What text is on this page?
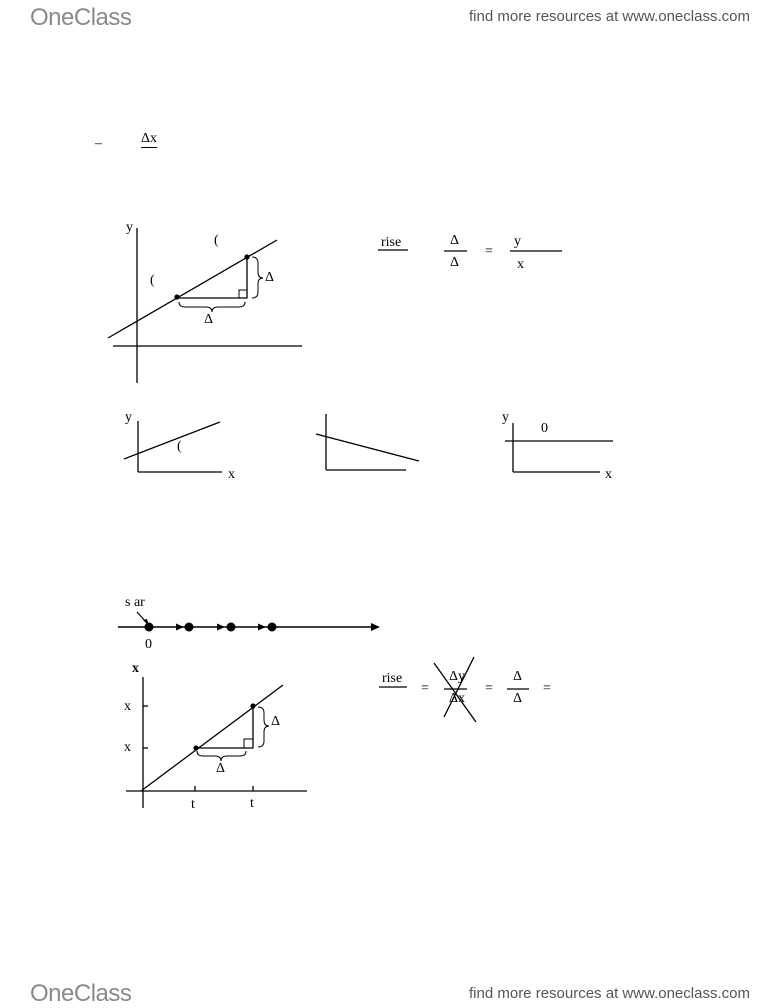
OneClass	find more resources at www.oneclass.com
–	Δx
y
(
(	Δ
Δ
rise	Δ
Δ
=
y
x
y
(
x
y
0
x
s ar
0
x
x
x
Δ
Δ
t	t
rise
=
Δy
Δx
=
Δ
Δ
=
OneClass	find more resources at www.oneclass.com
